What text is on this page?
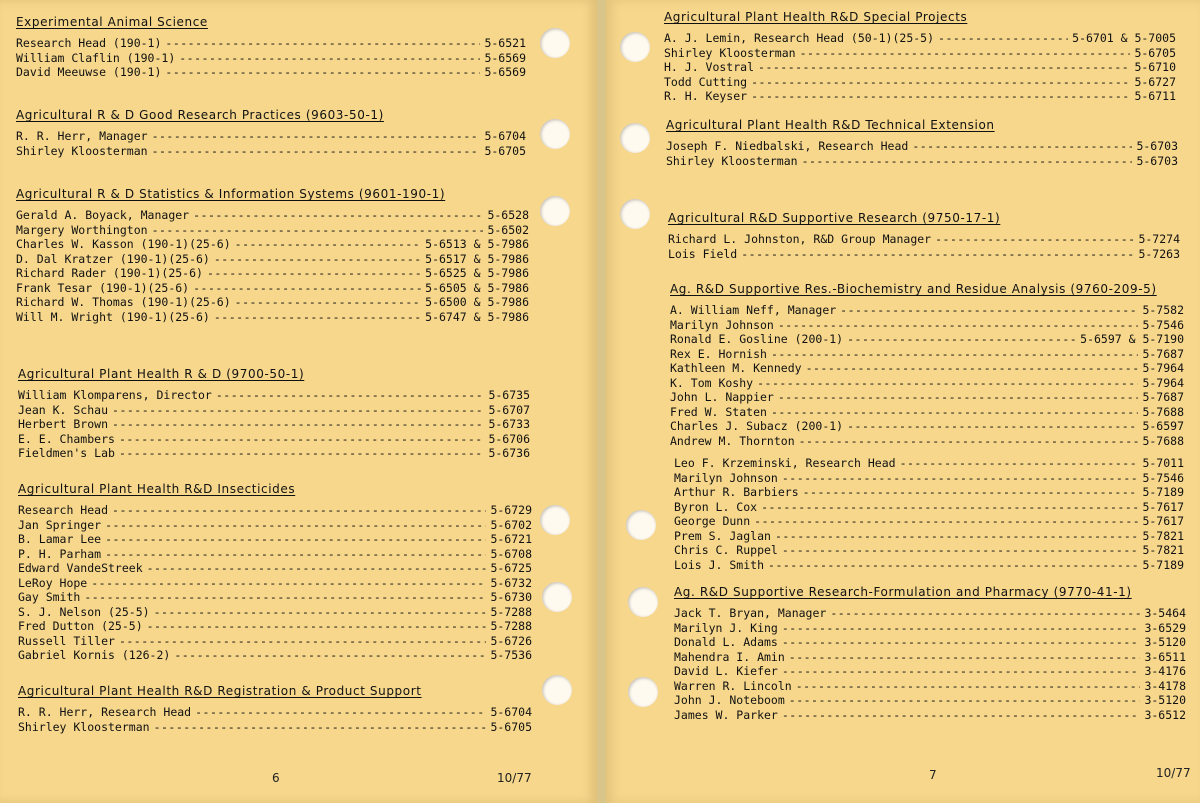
6	10/77
Experimental Animal Science
Research Head (190-1) -----	5-6521
William Claflin (190-1) -----	5-6569
David Meeuwse (190-1) -----	5-6569
Agricultural R & D Good Research Practices (9603-50-1)
R. R. Herr, Manager -----	5-6704
Shirley Kloosterman -----	5-6705
Agricultural R & D Statistics & Information Systems (9601-190-1)
Gerald A. Boyack, Manager -----	5-6528
Margery Worthington -----	5-6502
Charles W. Kasson (190-1)(25-6) -----	5-6513 & 5-7986
D. Dal Kratzer (190-1)(25-6) -----	5-6517 & 5-7986
Richard Rader (190-1)(25-6) -----	5-6525 & 5-7986
Frank Tesar (190-1)(25-6) -----	5-6505 & 5-7986
Richard W. Thomas (190-1)(25-6) -----	5-6500 & 5-7986
Will M. Wright (190-1)(25-6) -----	5-6747 & 5-7986
Agricultural Plant Health R & D (9700-50-1)
William Klomparens, Director -----	5-6735
Jean K. Schau -----	5-6707
Herbert Brown -----	5-6733
E. E. Chambers -----	5-6706
Fieldmen's Lab -----	5-6736
Agricultural Plant Health R&D Insecticides
Research Head -----	5-6729
Jan Springer -----	5-6702
B. Lamar Lee -----	5-6721
P. H. Parham -----	5-6708
Edward VandeStreek -----	5-6725
LeRoy Hope -----	5-6732
Gay Smith -----	5-6730
S. J. Nelson (25-5) -----	5-7288
Fred Dutton (25-5) -----	5-7288
Russell Tiller -----	5-6726
Gabriel Kornis (126-2) -----	5-7536
Agricultural Plant Health R&D Registration & Product Support
R. R. Herr, Research Head -----	5-6704
Shirley Kloosterman -----	5-6705
7	10/77
Agricultural Plant Health R&D Special Projects
A. J. Lemin, Research Head (50-1)(25-5) -----	5-6701 & 5-7005
Shirley Kloosterman -----	5-6705
H. J. Vostral -----	5-6710
Todd Cutting -----	5-6727
R. H. Keyser -----	5-6711
Agricultural Plant Health R&D Technical Extension
Joseph F. Niedbalski, Research Head -----	5-6703
Shirley Kloosterman -----	5-6703
Agricultural R&D Supportive Research (9750-17-1)
Richard L. Johnston, R&D Group Manager -----	5-7274
Lois Field -----	5-7263
Ag. R&D Supportive Res.-Biochemistry and Residue Analysis (9760-209-5)
A. William Neff, Manager -----	5-7582
Marilyn Johnson -----	5-7546
Ronald E. Gosline (200-1) -----	5-6597 & 5-7190
Rex E. Hornish -----	5-7687
Kathleen M. Kennedy -----	5-7964
K. Tom Koshy -----	5-7964
John L. Nappier -----	5-7687
Fred W. Staten -----	5-7688
Charles J. Subacz (200-1) -----	5-6597
Andrew M. Thornton -----	5-7688
Leo F. Krzeminski, Research Head -----	5-7011
Marilyn Johnson -----	5-7546
Arthur R. Barbiers -----	5-7189
Byron L. Cox -----	5-7617
George Dunn -----	5-7617
Prem S. Jaglan -----	5-7821
Chris C. Ruppel -----	5-7821
Lois J. Smith -----	5-7189
Ag. R&D Supportive Research-Formulation and Pharmacy (9770-41-1)
Jack T. Bryan, Manager -----	3-5464
Marilyn J. King -----	3-6529
Donald L. Adams -----	3-5120
Mahendra I. Amin -----	3-6511
David L. Kiefer -----	3-4176
Warren R. Lincoln -----	3-4178
John J. Noteboom -----	3-5120
James W. Parker -----	3-6512
